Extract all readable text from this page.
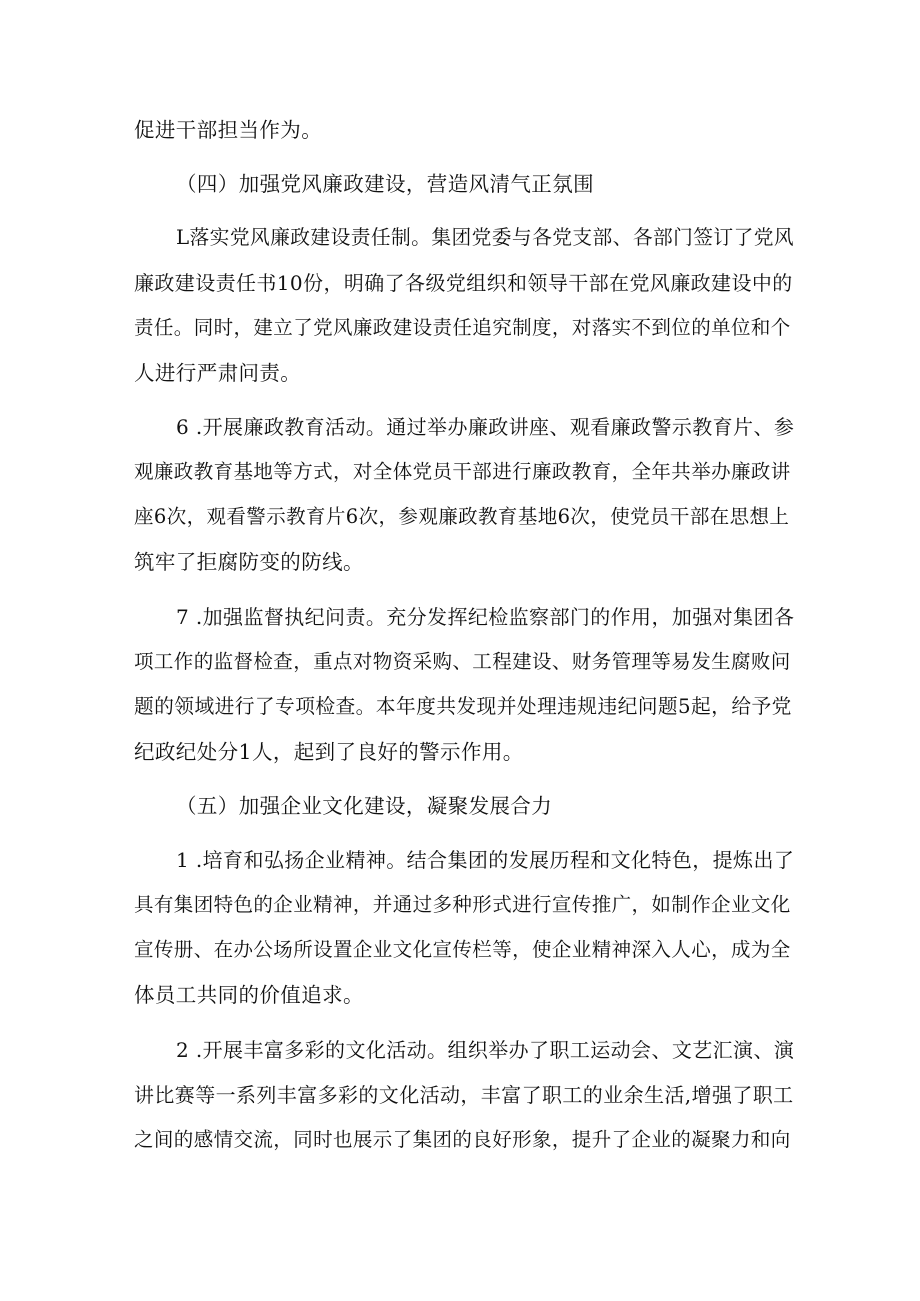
促进干部担当作为。
（四）加强党风廉政建设，营造风清气正氛围
L落实党风廉政建设责任制。集团党委与各党支部、各部门签订了党风
廉政建设责任书10份，明确了各级党组织和领导干部在党风廉政建设中的
责任。同时，建立了党风廉政建设责任追究制度，对落实不到位的单位和个
人进行严肃问责。
6 .开展廉政教育活动。通过举办廉政讲座、观看廉政警示教育片、参
观廉政教育基地等方式，对全体党员干部进行廉政教育，全年共举办廉政讲
座6次，观看警示教育片6次，参观廉政教育基地6次，使党员干部在思想上
筑牢了拒腐防变的防线。
7 .加强监督执纪问责。充分发挥纪检监察部门的作用，加强对集团各
项工作的监督检查，重点对物资采购、工程建设、财务管理等易发生腐败问
题的领域进行了专项检查。本年度共发现并处理违规违纪问题5起，给予党
纪政纪处分1人，起到了良好的警示作用。
（五）加强企业文化建设，凝聚发展合力
1 .培育和弘扬企业精神。结合集团的发展历程和文化特色，提炼出了
具有集团特色的企业精神，并通过多种形式进行宣传推广，如制作企业文化
宣传册、在办公场所设置企业文化宣传栏等，使企业精神深入人心，成为全
体员工共同的价值追求。
2 .开展丰富多彩的文化活动。组织举办了职工运动会、文艺汇演、演
讲比赛等一系列丰富多彩的文化活动，丰富了职工的业余生活,增强了职工
之间的感情交流，同时也展示了集团的良好形象，提升了企业的凝聚力和向
